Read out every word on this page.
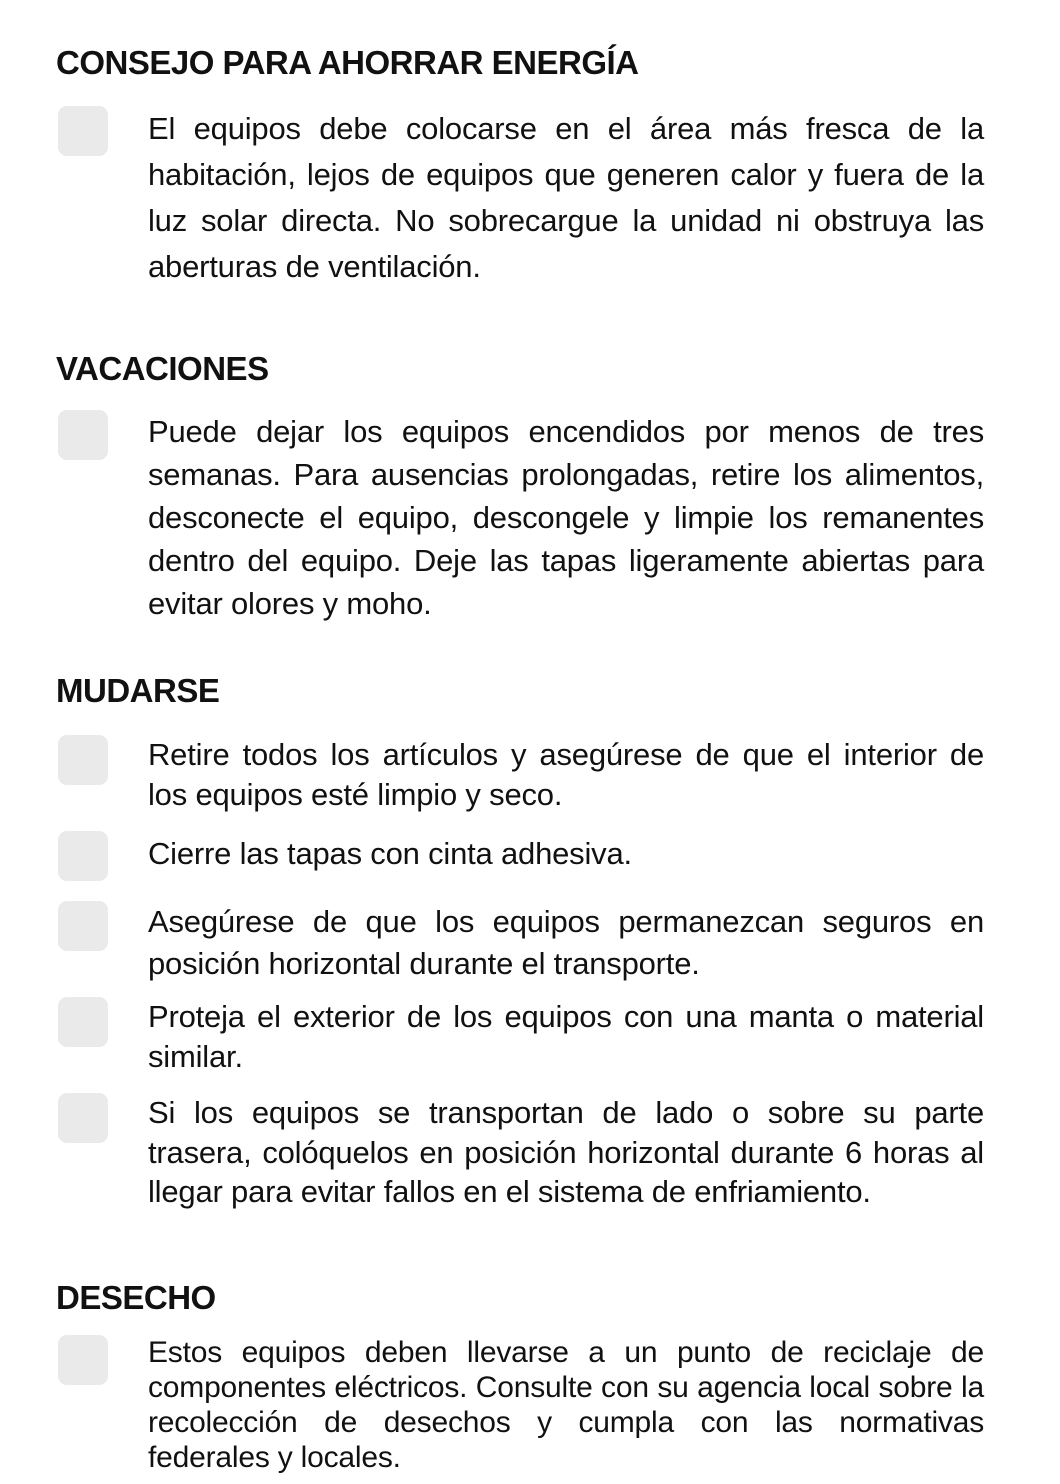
CONSEJO PARA AHORRAR ENERGÍA

El equipos debe colocarse en el área más fresca de la habitación, lejos de equipos que generen calor y fuera de la luz solar directa. No sobrecargue la unidad ni obstruya las aberturas de ventilación.

VACACIONES

Puede dejar los equipos encendidos por menos de tres semanas. Para ausencias prolongadas, retire los alimentos, desconecte el equipo, descongele y limpie los remanentes dentro del equipo. Deje las tapas ligeramente abiertas para evitar olores y moho.

MUDARSE

Retire todos los artículos y asegúrese de que el interior de los equipos esté limpio y seco.

Cierre las tapas con cinta adhesiva.

Asegúrese de que los equipos permanezcan seguros en posición horizontal durante el transporte.

Proteja el exterior de los equipos con una manta o material similar.

Si los equipos se transportan de lado o sobre su parte trasera, colóquelos en posición horizontal durante 6 horas al llegar para evitar fallos en el sistema de enfriamiento.

DESECHO

Estos equipos deben llevarse a un punto de reciclaje de componentes eléctricos. Consulte con su agencia local sobre la recolección de desechos y cumpla con las normativas federales y locales.
